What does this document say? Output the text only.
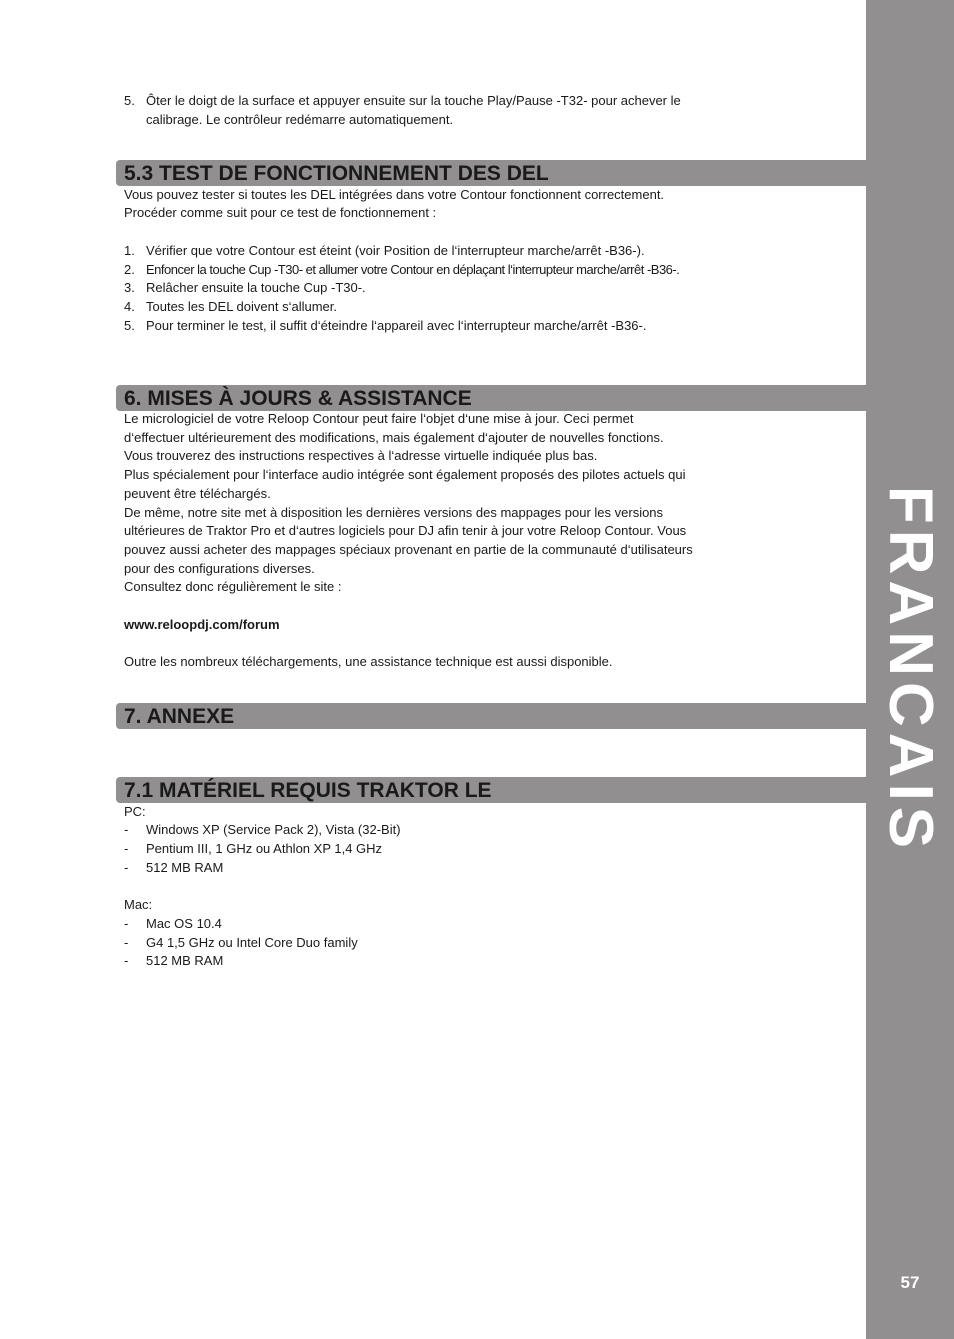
FRANCAIS
57
5. Ôter le doigt de la surface et appuyer ensuite sur la touche Play/Pause -T32- pour achever le
calibrage. Le contrôleur redémarre automatiquement.
5.3 TEST DE FONCTIONNEMENT DES DEL
Vous pouvez tester si toutes les DEL intégrées dans votre Contour fonctionnent correctement.
Procéder comme suit pour ce test de fonctionnement :
1. Vérifier que votre Contour est éteint (voir Position de l‘interrupteur marche/arrêt -B36-).
2. Enfoncer la touche Cup -T30- et allumer votre Contour en déplaçant l‘interrupteur marche/arrêt -B36-.
3. Relâcher ensuite la touche Cup -T30-.
4. Toutes les DEL doivent s‘allumer.
5. Pour terminer le test, il suffit d‘éteindre l‘appareil avec l‘interrupteur marche/arrêt -B36-.
6. MISES À JOURS & ASSISTANCE
Le micrologiciel de votre Reloop Contour peut faire l‘objet d‘une mise à jour. Ceci permet
d‘effectuer ultérieurement des modifications, mais également d‘ajouter de nouvelles fonctions.
Vous trouverez des instructions respectives à l‘adresse virtuelle indiquée plus bas.
Plus spécialement pour l‘interface audio intégrée sont également proposés des pilotes actuels qui
peuvent être téléchargés.
De même, notre site met à disposition les dernières versions des mappages pour les versions
ultérieures de Traktor Pro et d‘autres logiciels pour DJ afin tenir à jour votre Reloop Contour. Vous
pouvez aussi acheter des mappages spéciaux provenant en partie de la communauté d‘utilisateurs
pour des configurations diverses.
Consultez donc régulièrement le site :
www.reloopdj.com/forum
Outre les nombreux téléchargements, une assistance technique est aussi disponible.
7. ANNEXE
7.1 MATÉRIEL REQUIS TRAKTOR LE
PC:
- Windows XP (Service Pack 2), Vista (32-Bit)
- Pentium III, 1 GHz ou Athlon XP 1,4 GHz
- 512 MB RAM
Mac:
- Mac OS 10.4
- G4 1,5 GHz ou Intel Core Duo family
- 512 MB RAM
